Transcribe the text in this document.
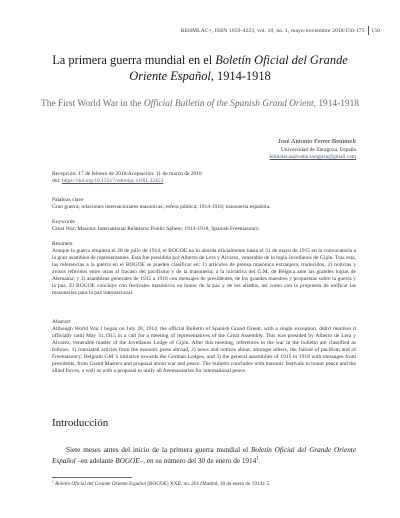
REHMLAC+, ISSN 1659-4223, vol. 10, no. 1, mayo-noviembre 2018/150-175 150
La primera guerra mundial en el Boletín Oficial del Grande Oriente Español, 1914-1918
The First World War in the Official Bulletin of the Spanish Grand Orient, 1914-1918
José Antonio Ferrer Benimeli
Universidad de Zaragoza, España
bibliotecasalvadorzaragoza@gmail.com
Recepción: 17 de febrero de 2018/Aceptación: 11 de marzo de 2018
doi: https://doi.org/10.15517/rehmlac.v10i1.32453
Palabras clave
Gran guerra; relaciones internacionales masónicas; esfera pública; 1914-1918; masonería española.
Keywords
Great War; Masonic International Relations; Public Sphere; 1914-1918; Spanish Freemasonry.
Resumen
Aunque la guerra empieza el 28 de julio de 1914, el BOGOE no lo aborda oficialmente hasta el 31 de mayo de 1915 en la convocatoria a la gran asamblea de representantes. Esta fue presidida por Alberto de Lera y Alvarez, venerable de la logia Jovellanos de Gijón. Tras esta, las referencias a la guerra en el BOGOE se pueden clasificar en: 1) artículos de prensa masónica extranjera, traducidos, 2) noticias y avisos referidos entre otras al fracaso del pacifismo y de la masonería; a la iniciativa del G.M. de Bélgica ante las grandes logias de Alemania; y 3) asambleas generales de 1915 a 1918 con mensajes de presidentes, de los grandes maestres y propuestas sobre la guerra y la paz. El BOGOE concluye con festivales masónicos en honor de la paz y de los aliados, así como con la propuesta de unificar las masonerías para la paz internacional.
Abstract
Although World War I began on July 28, 1914, the official Bulletin of Spanish Grand Orient, with a single exception, didn't mention it officially until May 31,1915 in a call for a meeting of representatives of the Great Assembly. This was presided by Alberto de Lera y Alvarez, venerable master of the Jovellanos Lodge of Gijón. After this meeting, references to the war in the bulletin are classified as follows. 1) translated articles from the masonic press abroad, 2) news and notices about, amongst others, the failure of pacifism and of Freemasonry; Belgium GM 's initiative towards the German Lodges, and 3) the general assemblies of 1915 to 1918 with messages from presidents, from Grand Masters and proposal about war and peace. The bulletin concludes with masonic festivals to honor peace and the allied forces, a well as with a proposal to unify all freemasonries for international peace.
Introducción
Siete meses antes del inicio de la primera guerra mundial el Boletín Oficial del Grande Oriente Español –en adelante BOGOE–, en su número del 30 de enero de 1914$^1$.
$^1$ Boletín Oficial del Grande Oriente Español [BOGOE] XXII, no. 261 (Madrid, 30 de enero de 1914): 5.
